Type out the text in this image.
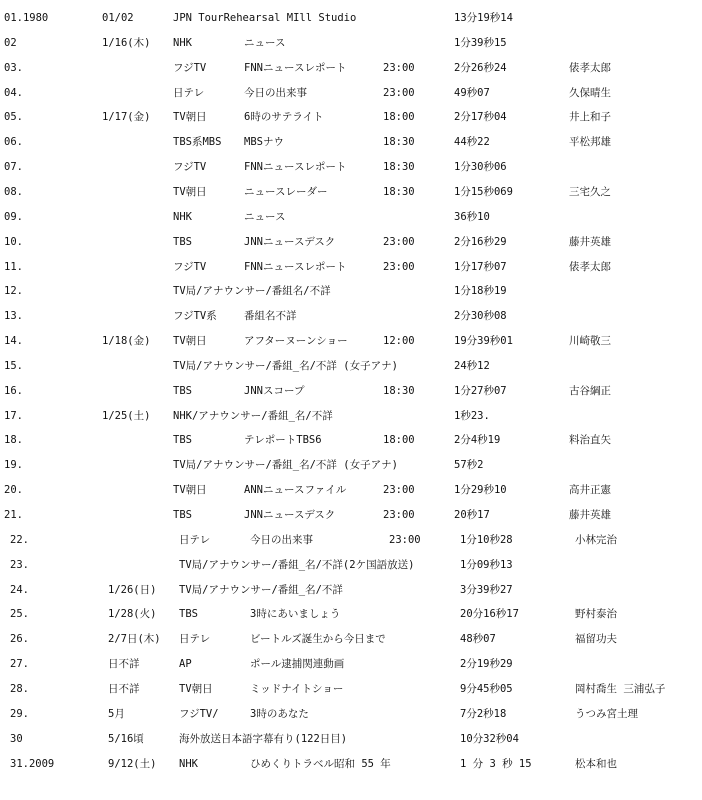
01.1980	01/02	JPN TourRehearsal MIll Studio	13分19秒14
02	1/16(木) NHK	ニュース	1分39秒15
03.	フジTV	FNNニュースレポート	23:00	2分26秒24	俵孝太郎
04.	日テレ	今日の出来事	23:00	49秒07	久保晴生
05.	1/17(金) TV朝日	6時のサテライト	18:00	2分17秒04	井上和子
06.	TBS系MBS MBSナウ	18:30	44秒22	平松邦雄
07.	フジTV	FNNニュースレポート	18:30	1分30秒06
08.	TV朝日	ニュースレーダー	18:30	1分15秒069	三宅久之
09.	NHK	ニュース	36秒10
10.	TBS	JNNニュースデスク	23:00	2分16秒29	藤井英雄
11.	フジTV	FNNニュースレポート	23:00	1分17秒07	俵孝太郎
12.	TV局/アナウンサー/番組名/不詳	1分18秒19
13.	フジTV系	番組名不詳	2分30秒08
14.	1/18(金) TV朝日	アフターヌーンショー	12:00	19分39秒01	川崎敬三
15.	TV局/アナウンサー/番組_名/不詳 (女子アナ)	24秒12
16.	TBS	JNNスコープ	18:30	1分27秒07	古谷綱正
17.	1/25(土) NHK/アナウンサー/番組_名/不詳	1秒23.
18.	TBS	テレポートTBS6	18:00	2分4秒19	料治直矢
19.	TV局/アナウンサー/番組_名/不詳 (女子アナ)	57秒2
20.	TV朝日	ANNニュースファイル	23:00	1分29秒10	高井正憲
21.	TBS	JNNニュースデスク	23:00	20秒17	藤井英雄
22.	日テレ	今日の出来事	23:00	1分10秒28	小林完治
23.	TV局/アナウンサー/番組_名/不詳(2ケ国語放送)	1分09秒13
24.	1/26(日) TV局/アナウンサー/番組_名/不詳	3分39秒27
25.	1/28(火) TBS	3時にあいましょう	20分16秒17	野村泰治
26.	2/7日(木) 日テレ	ビートルズ誕生から今日まで	48秒07	福留功夫
27.	日不詳	AP	ポール逮捕関連動画	2分19秒29
28.	日不詳	TV朝日	ミッドナイトショー	9分45秒05	岡村喬生 三浦弘子
29.	5月	フジTV/	3時のあなた	7分2秒18	うつみ宮土理
30	5/16頃	海外放送日本語字幕有り(122日目)	10分32秒04
31.2009	9/12(土) NHK	ひめくりトラベル昭和 55 年	1 分 3 秒 15	松本和也
